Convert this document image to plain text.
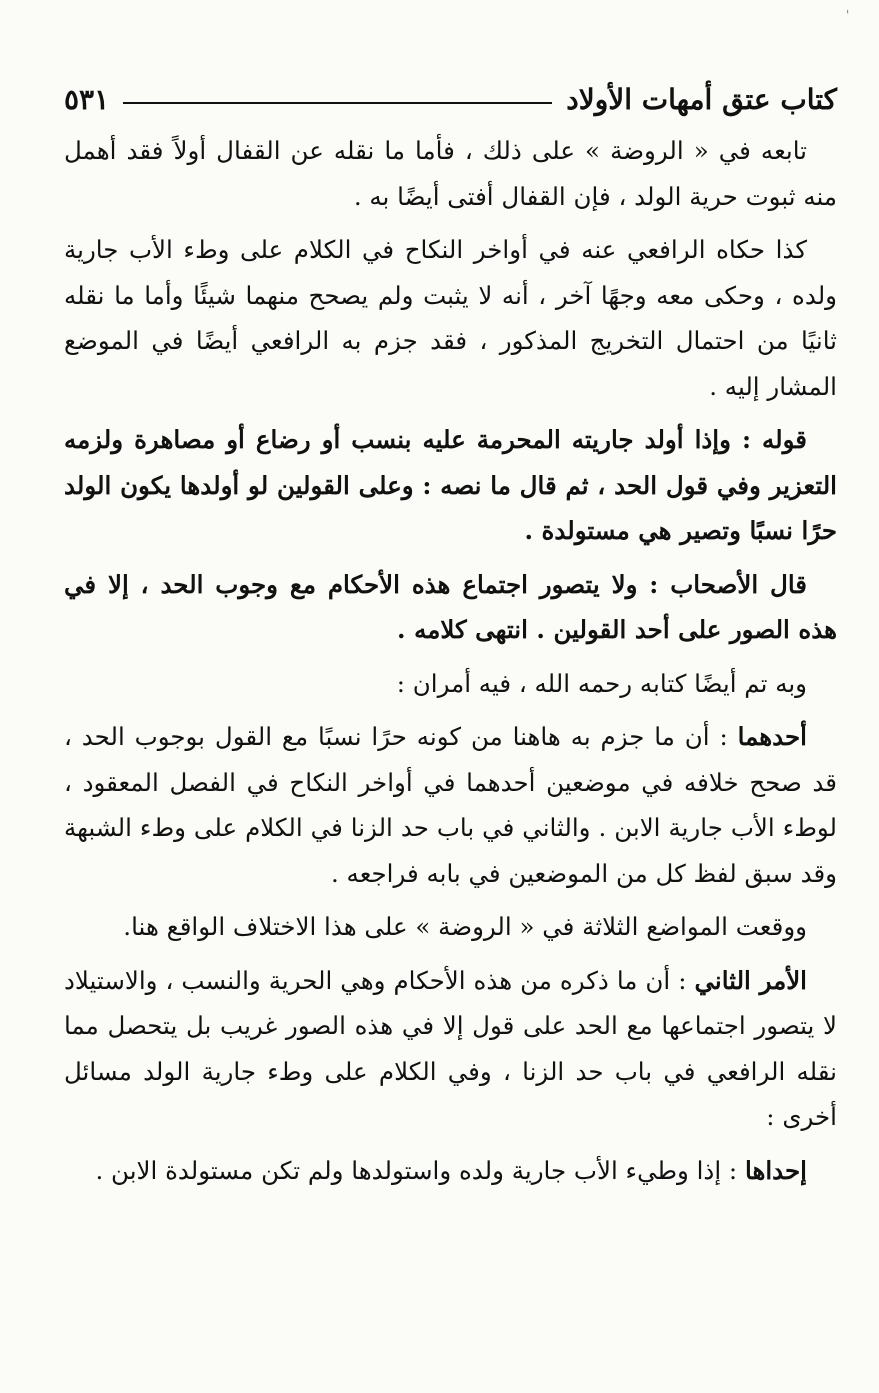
'
كتاب عتق أمهات الأولاد
٥٣١

تابعه في « الروضة » على ذلك ، فأما ما نقله عن القفال أولاً فقد أهمل منه ثبوت حرية الولد ، فإن القفال أفتى أيضًا به .

كذا حكاه الرافعي عنه في أواخر النكاح في الكلام على وطء الأب جارية ولده ، وحكى معه وجهًا آخر ، أنه لا يثبت ولم يصحح منهما شيئًا وأما ما نقله ثانيًا من احتمال التخريج المذكور ، فقد جزم به الرافعي أيضًا في الموضع المشار إليه .

قوله : وإذا أولد جاريته المحرمة عليه بنسب أو رضاع أو مصاهرة ولزمه التعزير وفي قول الحد ، ثم قال ما نصه : وعلى القولين لو أولدها يكون الولد حرًا نسبًا وتصير هي مستولدة .

قال الأصحاب : ولا يتصور اجتماع هذه الأحكام مع وجوب الحد ، إلا في هذه الصور على أحد القولين . انتهى كلامه .

وبه تم أيضًا كتابه رحمه الله ، فيه أمران :

أحدهما : أن ما جزم به هاهنا من كونه حرًا نسبًا مع القول بوجوب الحد ، قد صحح خلافه في موضعين أحدهما في أواخر النكاح في الفصل المعقود ، لوطء الأب جارية الابن . والثاني في باب حد الزنا في الكلام على وطء الشبهة وقد سبق لفظ كل من الموضعين في بابه فراجعه .

ووقعت المواضع الثلاثة في « الروضة » على هذا الاختلاف الواقع هنا.

الأمر الثاني : أن ما ذكره من هذه الأحكام وهي الحرية والنسب ، والاستيلاد لا يتصور اجتماعها مع الحد على قول إلا في هذه الصور غريب بل يتحصل مما نقله الرافعي في باب حد الزنا ، وفي الكلام على وطء جارية الولد مسائل أخرى :

إحداها : إذا وطيء الأب جارية ولده واستولدها ولم تكن مستولدة الابن .
